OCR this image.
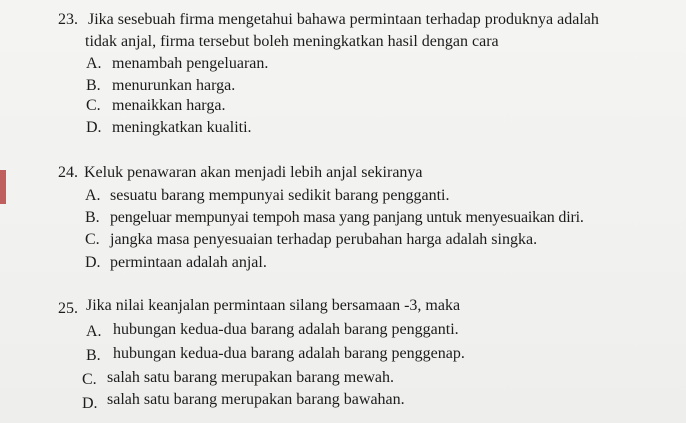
23. Jika sesebuah firma mengetahui bahawa permintaan terhadap produknya adalah
tidak anjal, firma tersebut boleh meningkatkan hasil dengan cara
A. menambah pengeluaran.
B. menurunkan harga.
C. menaikkan harga.
D. meningkatkan kualiti.
24. Keluk penawaran akan menjadi lebih anjal sekiranya
A. sesuatu barang mempunyai sedikit barang pengganti.
B. pengeluar mempunyai tempoh masa yang panjang untuk menyesuaikan diri.
C. jangka masa penyesuaian terhadap perubahan harga adalah singka.
D. permintaan adalah anjal.
25. Jika nilai keanjalan permintaan silang bersamaan -3, maka
A. hubungan kedua-dua barang adalah barang pengganti.
B. hubungan kedua-dua barang adalah barang penggenap.
C. salah satu barang merupakan barang mewah.
D. salah satu barang merupakan barang bawahan.
